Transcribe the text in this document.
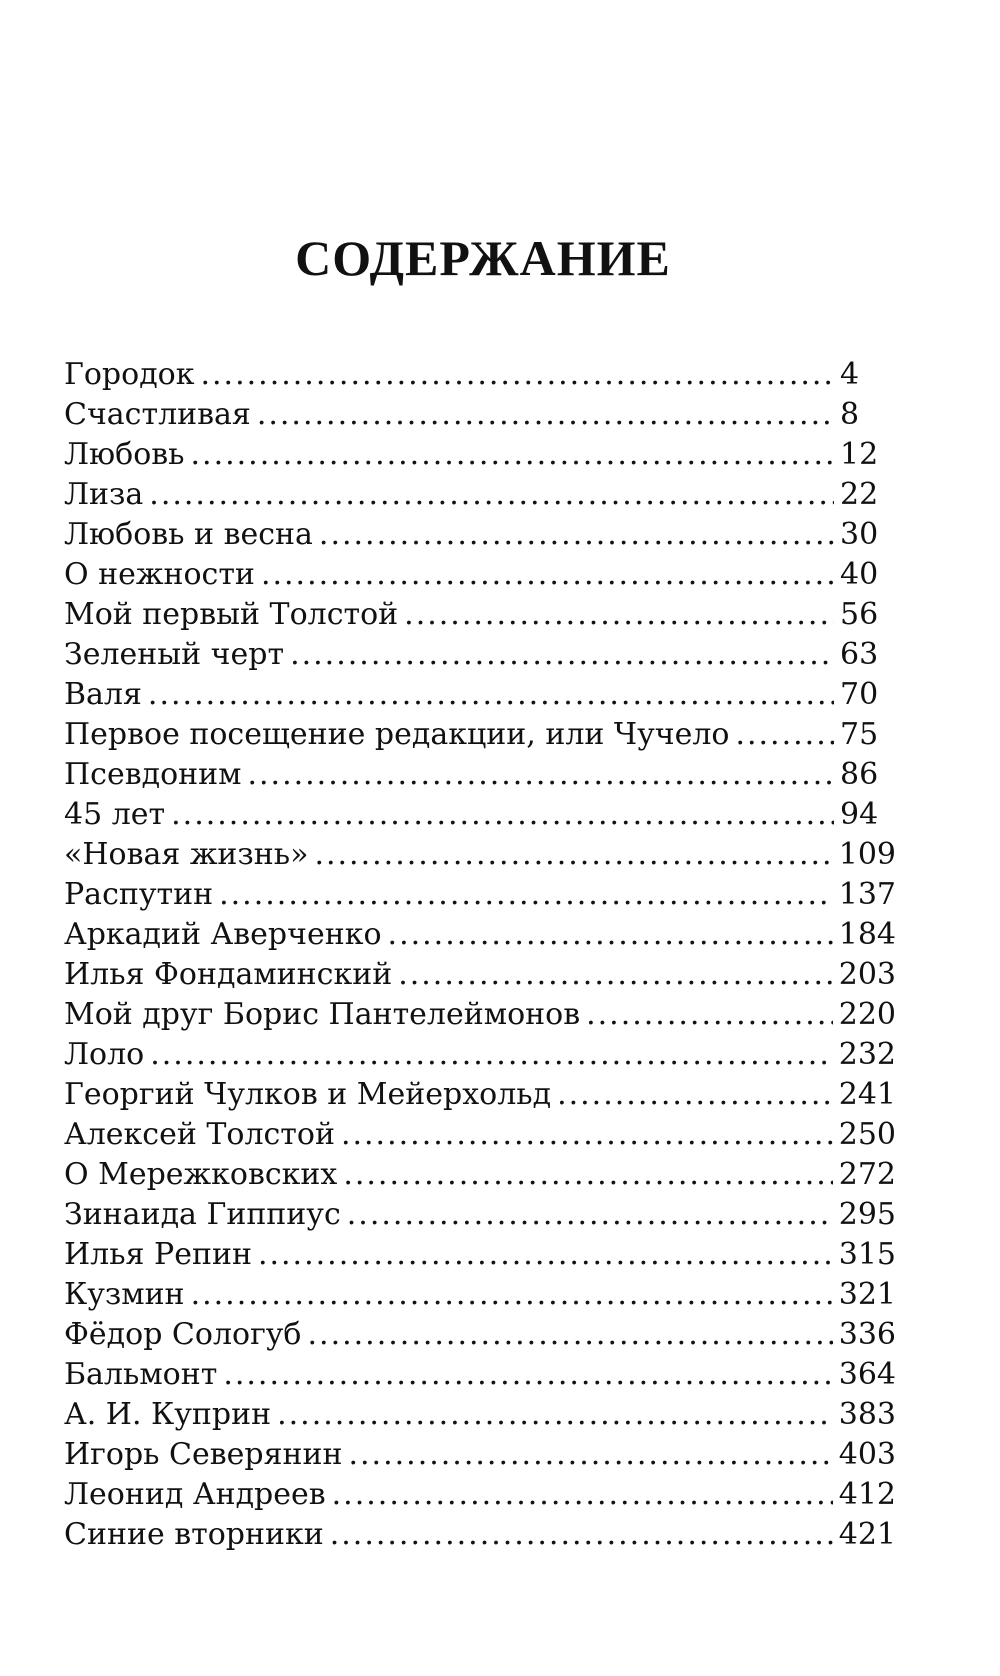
СОДЕРЖАНИЕ
Городок .....	4
Счастливая .....	8
Любовь .....	12
Лиза .....	22
Любовь и весна .....	30
О нежности .....	40
Мой первый Толстой .....	56
Зеленый черт .....	63
Валя .....	70
Первое посещение редакции, или Чучело .....	75
Псевдоним .....	86
45 лет .....	94
«Новая жизнь» .....	109
Распутин .....	137
Аркадий Аверченко .....	184
Илья Фондаминский .....	203
Мой друг Борис Пантелеймонов .....	220
Лоло .....	232
Георгий Чулков и Мейерхольд .....	241
Алексей Толстой .....	250
О Мережковских .....	272
Зинаида Гиппиус .....	295
Илья Репин .....	315
Кузмин .....	321
Фёдор Сологуб .....	336
Бальмонт .....	364
А. И. Куприн .....	383
Игорь Северянин .....	403
Леонид Андреев .....	412
Синие вторники .....	421
